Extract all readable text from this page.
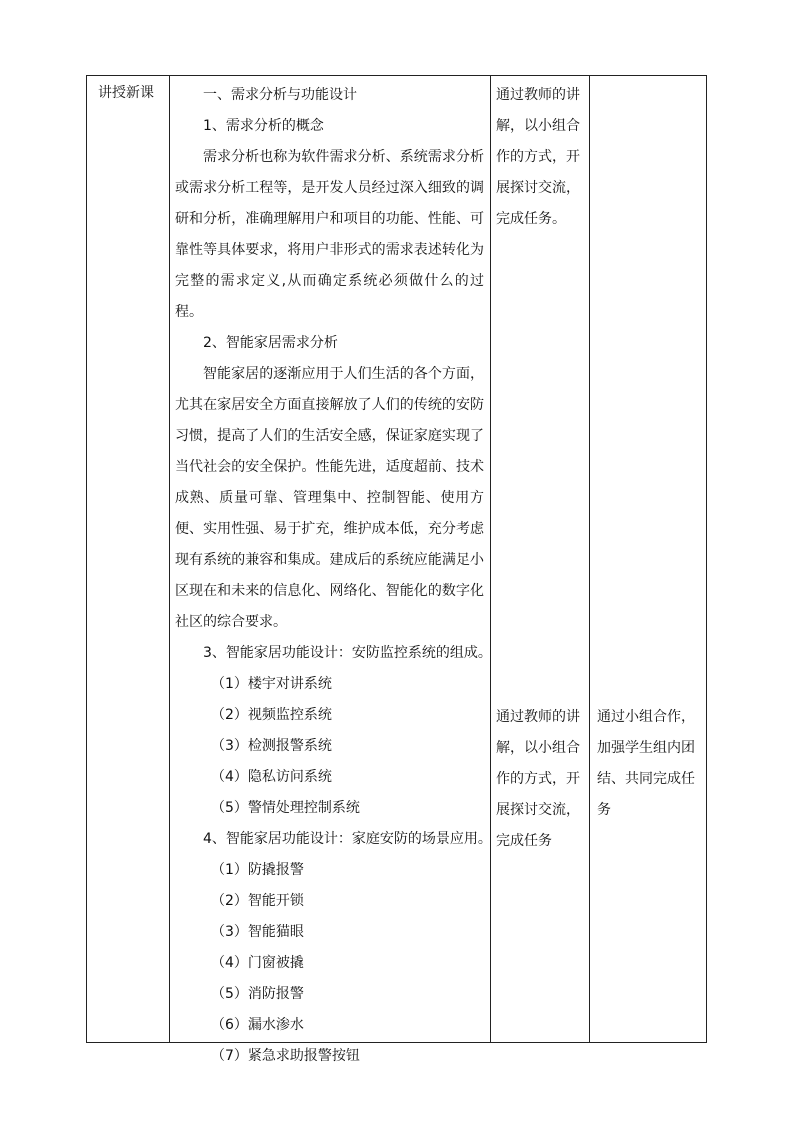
讲授新课	一、需求分析与功能设计
1、需求分析的概念
需求分析也称为软件需求分析、系统需求分析或需求分析工程等，是开发人员经过深入细致的调研和分析，准确理解用户和项目的功能、性能、可靠性等具体要求，将用户非形式的需求表述转化为完整的需求定义,从而确定系统必须做什么的过程。
2、智能家居需求分析
智能家居的逐渐应用于人们生活的各个方面，尤其在家居安全方面直接解放了人们的传统的安防习惯，提高了人们的生活安全感，保证家庭实现了当代社会的安全保护。性能先进，适度超前、技术成熟、质量可靠、管理集中、控制智能、使用方便、实用性强、易于扩充，维护成本低，充分考虑现有系统的兼容和集成。建成后的系统应能满足小区现在和未来的信息化、网络化、智能化的数字化社区的综合要求。
3、智能家居功能设计：安防监控系统的组成。
（1）楼宇对讲系统
（2）视频监控系统
（3）检测报警系统
（4）隐私访问系统
（5）警情处理控制系统
4、智能家居功能设计：家庭安防的场景应用。
（1）防撬报警
（2）智能开锁
（3）智能猫眼
（4）门窗被撬
（5）消防报警
（6）漏水渗水
（7）紧急求助报警按钮
通过教师的讲解，以小组合作的方式，开展探讨交流，完成任务。
通过教师的讲解，以小组合作的方式，开展探讨交流，完成任务
通过小组合作，加强学生组内团结、共同完成任务
